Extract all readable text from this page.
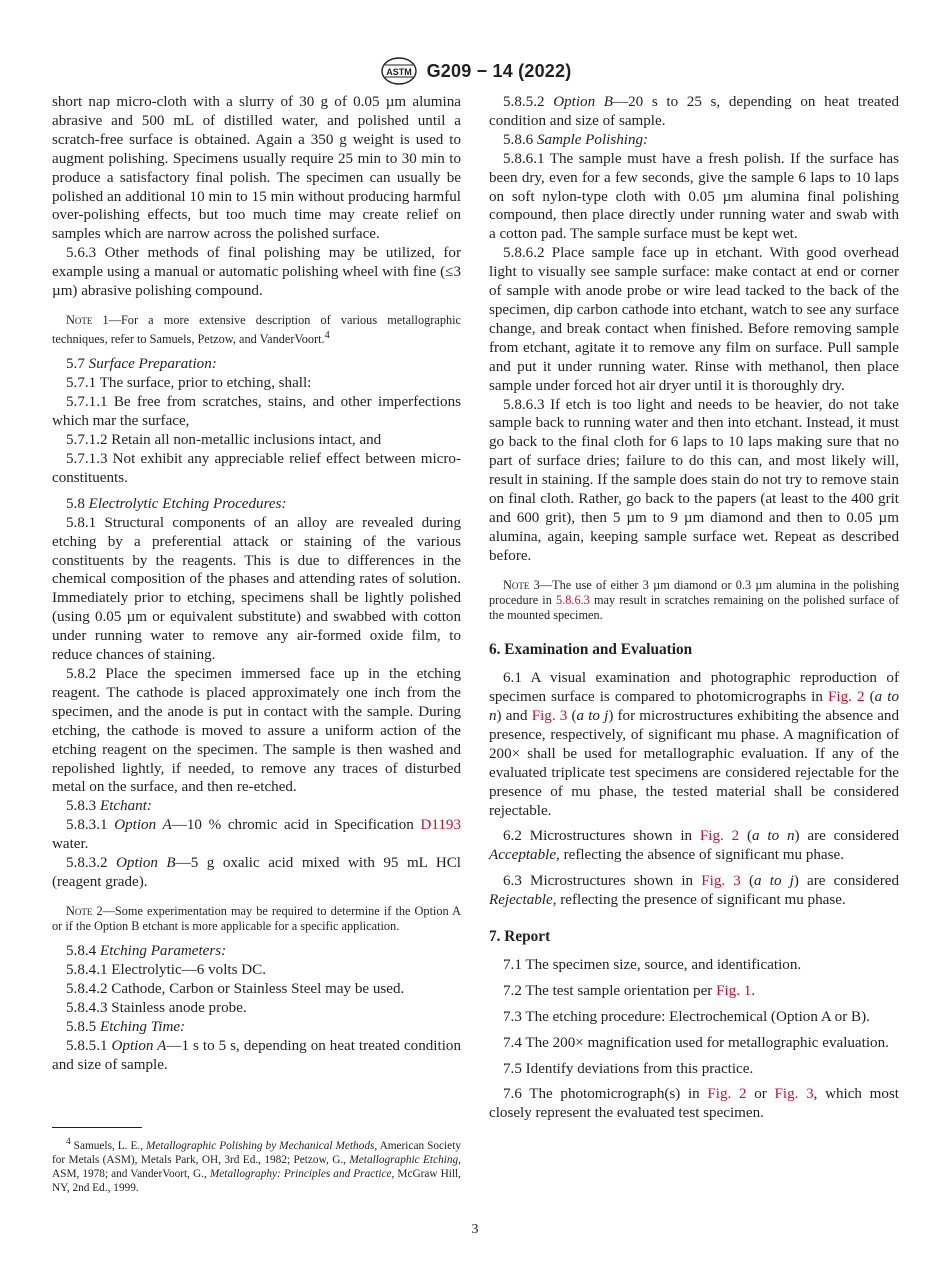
ASTM G209 − 14 (2022)

short nap micro-cloth with a slurry of 30 g of 0.05 µm alumina abrasive and 500 mL of distilled water, and polished until a scratch-free surface is obtained. Again a 350 g weight is used to augment polishing. Specimens usually require 25 min to 30 min to produce a satisfactory final polish. The specimen can usually be polished an additional 10 min to 15 min without producing harmful over-polishing effects, but too much time may create relief on samples which are narrow across the polished surface.

5.6.3 Other methods of final polishing may be utilized, for example using a manual or automatic polishing wheel with fine (≤3 µm) abrasive polishing compound.

Note 1—For a more extensive description of various metallographic techniques, refer to Samuels, Petzow, and VanderVoort.$^4$

5.7 Surface Preparation:

5.7.1 The surface, prior to etching, shall:

5.7.1.1 Be free from scratches, stains, and other imperfections which mar the surface,

5.7.1.2 Retain all non-metallic inclusions intact, and

5.7.1.3 Not exhibit any appreciable relief effect between micro-constituents.

5.8 Electrolytic Etching Procedures:

5.8.1 Structural components of an alloy are revealed during etching by a preferential attack or staining of the various constituents by the reagents. This is due to differences in the chemical composition of the phases and attending rates of solution. Immediately prior to etching, specimens shall be lightly polished (using 0.05 µm or equivalent substitute) and swabbed with cotton under running water to remove any air-formed oxide film, to reduce chances of staining.

5.8.2 Place the specimen immersed face up in the etching reagent. The cathode is placed approximately one inch from the specimen, and the anode is put in contact with the sample. During etching, the cathode is moved to assure a uniform action of the etching reagent on the specimen. The sample is then washed and repolished lightly, if needed, to remove any traces of disturbed metal on the surface, and then re-etched.

5.8.3 Etchant:

5.8.3.1 Option A—10 % chromic acid in Specification D1193 water.

5.8.3.2 Option B—5 g oxalic acid mixed with 95 mL HCl (reagent grade).

Note 2—Some experimentation may be required to determine if the Option A or if the Option B etchant is more applicable for a specific application.

5.8.4 Etching Parameters:

5.8.4.1 Electrolytic—6 volts DC.

5.8.4.2 Cathode, Carbon or Stainless Steel may be used.

5.8.4.3 Stainless anode probe.

5.8.5 Etching Time:

5.8.5.1 Option A—1 s to 5 s, depending on heat treated condition and size of sample.

5.8.5.2 Option B—20 s to 25 s, depending on heat treated condition and size of sample.

5.8.6 Sample Polishing:

5.8.6.1 The sample must have a fresh polish. If the surface has been dry, even for a few seconds, give the sample 6 laps to 10 laps on soft nylon-type cloth with 0.05 µm alumina final polishing compound, then place directly under running water and swab with a cotton pad. The sample surface must be kept wet.

5.8.6.2 Place sample face up in etchant. With good overhead light to visually see sample surface: make contact at end or corner of sample with anode probe or wire lead tacked to the back of the specimen, dip carbon cathode into etchant, watch to see any surface change, and break contact when finished. Before removing sample from etchant, agitate it to remove any film on surface. Pull sample and put it under running water. Rinse with methanol, then place sample under forced hot air dryer until it is thoroughly dry.

5.8.6.3 If etch is too light and needs to be heavier, do not take sample back to running water and then into etchant. Instead, it must go back to the final cloth for 6 laps to 10 laps making sure that no part of surface dries; failure to do this can, and most likely will, result in staining. If the sample does stain do not try to remove stain on final cloth. Rather, go back to the papers (at least to the 400 grit and 600 grit), then 5 µm to 9 µm diamond and then to 0.05 µm alumina, again, keeping sample surface wet. Repeat as described before.

Note 3—The use of either 3 µm diamond or 0.3 µm alumina in the polishing procedure in 5.8.6.3 may result in scratches remaining on the polished surface of the mounted specimen.
6. Examination and Evaluation

6.1 A visual examination and photographic reproduction of specimen surface is compared to photomicrographs in Fig. 2 (a to n) and Fig. 3 (a to j) for microstructures exhibiting the absence and presence, respectively, of significant mu phase. A magnification of 200× shall be used for metallographic evaluation. If any of the evaluated triplicate test specimens are considered rejectable for the presence of mu phase, the tested material shall be considered rejectable.

6.2 Microstructures shown in Fig. 2 (a to n) are considered Acceptable, reflecting the absence of significant mu phase.

6.3 Microstructures shown in Fig. 3 (a to j) are considered Rejectable, reflecting the presence of significant mu phase.

7. Report

7.1 The specimen size, source, and identification.

7.2 The test sample orientation per Fig. 1.

7.3 The etching procedure: Electrochemical (Option A or B).

7.4 The 200× magnification used for metallographic evaluation.

7.5 Identify deviations from this practice.

7.6 The photomicrograph(s) in Fig. 2 or Fig. 3, which most closely represent the evaluated test specimen.

$^4$ Samuels, L. E., Metallographic Polishing by Mechanical Methods, American Society for Metals (ASM), Metals Park, OH, 3rd Ed., 1982; Petzow, G., Metallographic Etching, ASM, 1978; and VanderVoort, G., Metallography: Principles and Practice, McGraw Hill, NY, 2nd Ed., 1999.
3
